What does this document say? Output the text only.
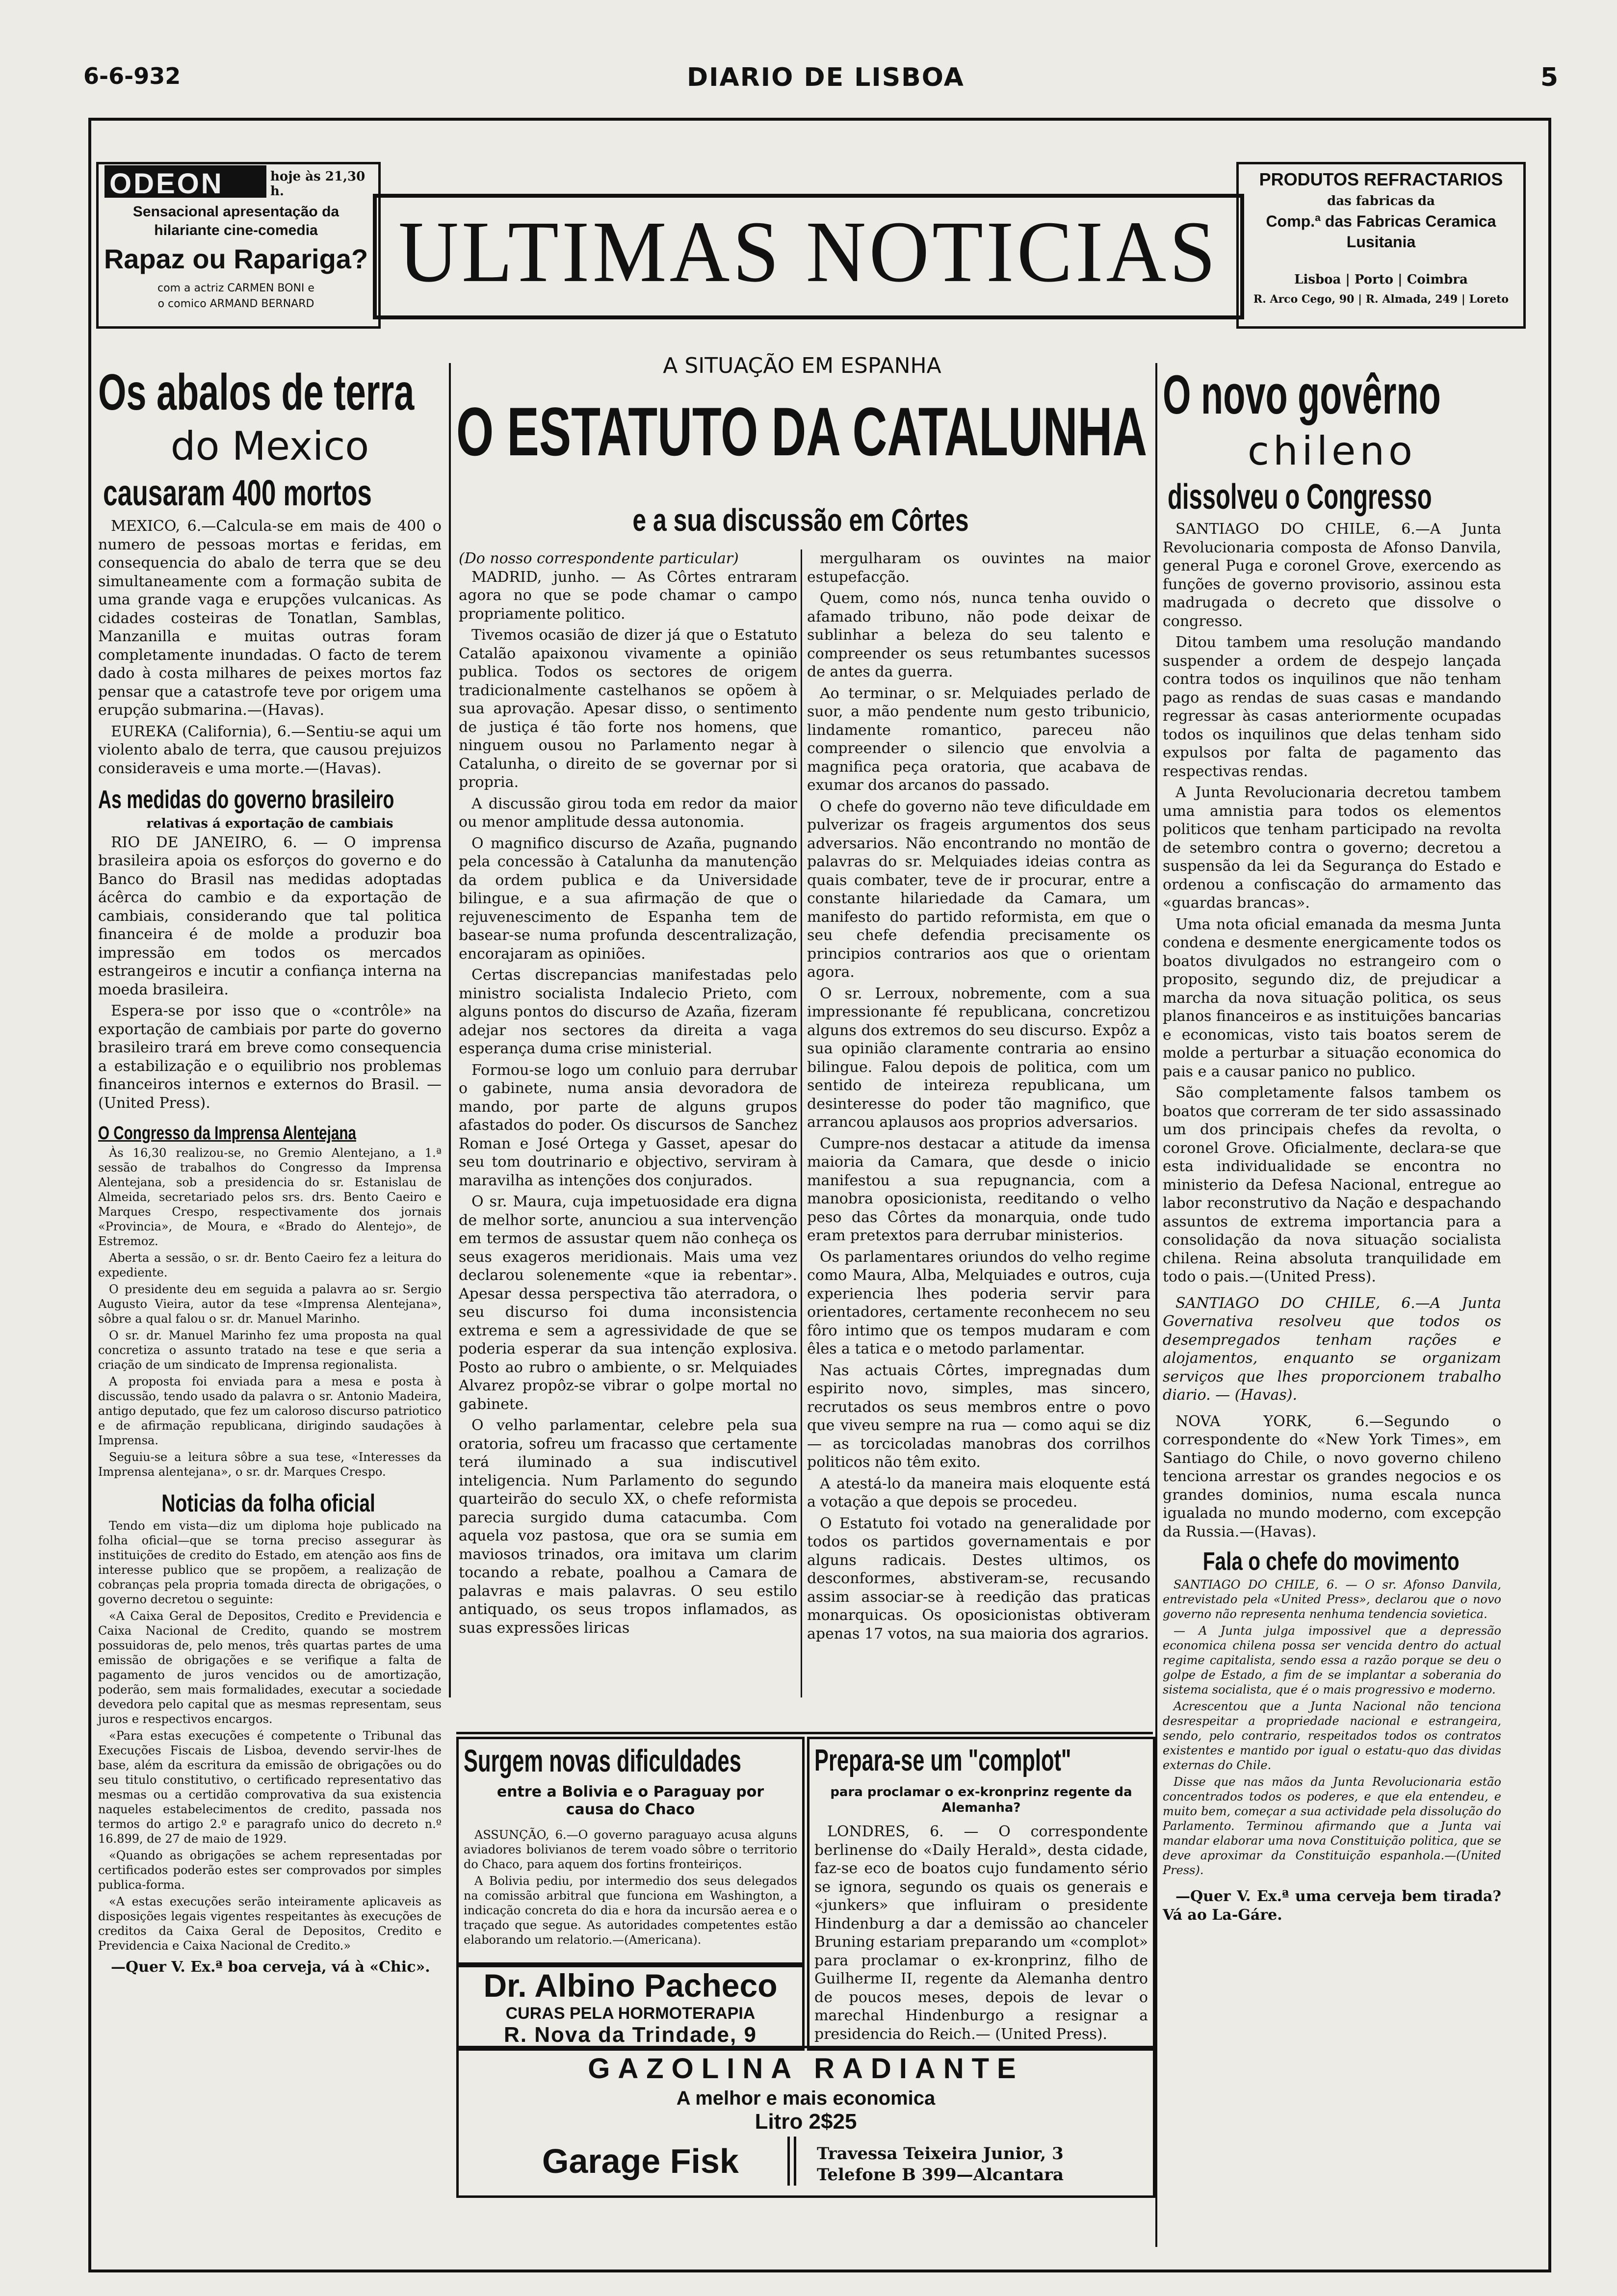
6-6-932	DIARIO DE LISBOA	5
ODEON	hoje às 21,30 h.
Sensacional apresentação da
hilariante cine-comedia
Rapaz ou Rapariga?
com a actriz CARMEN BONI e
o comico ARMAND BERNARD
ULTIMAS NOTICIAS
PRODUTOS REFRACTARIOS
das fabricas da
Comp.ª das Fabricas Ceramica
Lusitania
Lisboa | Porto | Coimbra
R. Arco Cego, 90 | R. Almada, 249 | Loreto
Os abalos de terra
do Mexico
causaram 400 mortos

MEXICO, 6.—Calcula-se em mais de 400 o numero de pessoas mortas e feridas, em consequencia do abalo de terra que se deu simultaneamente com a formação subita de uma grande vaga e erupções vulcanicas. As cidades costeiras de Tonatlan, Samblas, Manzanilla e muitas outras foram completamente inundadas. O facto de terem dado à costa milhares de peixes mortos faz pensar que a catastrofe teve por origem uma erupção submarina.—(Havas).

EUREKA (California), 6.—Sentiu-se aqui um violento abalo de terra, que causou prejuizos consideraveis e uma morte.—(Havas).

As medidas do governo brasileiro
relativas á exportação de cambiais

RIO DE JANEIRO, 6. — O imprensa brasileira apoia os esforços do governo e do Banco do Brasil nas medidas adoptadas ácêrca do cambio e da exportação de cambiais, considerando que tal politica financeira é de molde a produzir boa impressão em todos os mercados estrangeiros e incutir a confiança interna na moeda brasileira.

Espera-se por isso que o «contrôle» na exportação de cambiais por parte do governo brasileiro trará em breve como consequencia a estabilização e o equilibrio nos problemas financeiros internos e externos do Brasil. — (United Press).

O Congresso da Imprensa Alentejana

Às 16,30 realizou-se, no Gremio Alentejano, a 1.ª sessão de trabalhos do Congresso da Imprensa Alentejana, sob a presidencia do sr. Estanislau de Almeida, secretariado pelos srs. drs. Bento Caeiro e Marques Crespo, respectivamente dos jornais «Provincia», de Moura, e «Brado do Alentejo», de Estremoz.

Aberta a sessão, o sr. dr. Bento Caeiro fez a leitura do expediente.

O presidente deu em seguida a palavra ao sr. Sergio Augusto Vieira, autor da tese «Imprensa Alentejana», sôbre a qual falou o sr. dr. Manuel Marinho.

O sr. dr. Manuel Marinho fez uma proposta na qual concretiza o assunto tratado na tese e que seria a criação de um sindicato de Imprensa regionalista.

A proposta foi enviada para a mesa e posta à discussão, tendo usado da palavra o sr. Antonio Madeira, antigo deputado, que fez um caloroso discurso patriotico e de afirmação republicana, dirigindo saudações à Imprensa.

Seguiu-se a leitura sôbre a sua tese, «Interesses da Imprensa alentejana», o sr. dr. Marques Crespo.

Noticias da folha oficial

Tendo em vista—diz um diploma hoje publicado na folha oficial—que se torna preciso assegurar às instituições de credito do Estado, em atenção aos fins de interesse publico que se propõem, a realização de cobranças pela propria tomada directa de obrigações, o governo decretou o seguinte:

«A Caixa Geral de Depositos, Credito e Previdencia e Caixa Nacional de Credito, quando se mostrem possuidoras de, pelo menos, três quartas partes de uma emissão de obrigações e se verifique a falta de pagamento de juros vencidos ou de amortização, poderão, sem mais formalidades, executar a sociedade devedora pelo capital que as mesmas representam, seus juros e respectivos encargos.

«Para estas execuções é competente o Tribunal das Execuções Fiscais de Lisboa, devendo servir-lhes de base, além da escritura da emissão de obrigações ou do seu titulo constitutivo, o certificado representativo das mesmas ou a certidão comprovativa da sua existencia naqueles estabelecimentos de credito, passada nos termos do artigo 2.º e paragrafo unico do decreto n.º 16.899, de 27 de maio de 1929.

«Quando as obrigações se achem representadas por certificados poderão estes ser comprovados por simples publica-forma.

«A estas execuções serão inteiramente aplicaveis as disposições legais vigentes respeitantes às execuções de creditos da Caixa Geral de Depositos, Credito e Previdencia e Caixa Nacional de Credito.»

—Quer V. Ex.ª boa cerveja, vá à «Chic».

A SITUAÇÃO EM ESPANHA
O ESTATUTO DA CATALUNHA
e a sua discussão em Côrtes
(Do nosso correspondente particular)

MADRID, junho. — As Côrtes entraram agora no que se pode chamar o campo propriamente politico.

Tivemos ocasião de dizer já que o Estatuto Catalão apaixonou vivamente a opinião publica. Todos os sectores de origem tradicionalmente castelhanos se opõem à sua aprovação. Apesar disso, o sentimento de justiça é tão forte nos homens, que ninguem ousou no Parlamento negar à Catalunha, o direito de se governar por si propria.

A discussão girou toda em redor da maior ou menor amplitude dessa autonomia.

O magnifico discurso de Azaña, pugnando pela concessão à Catalunha da manutenção da ordem publica e da Universidade bilingue, e a sua afirmação de que o rejuvenescimento de Espanha tem de basear-se numa profunda descentralização, encorajaram as opiniões.

Certas discrepancias manifestadas pelo ministro socialista Indalecio Prieto, com alguns pontos do discurso de Azaña, fizeram adejar nos sectores da direita a vaga esperança duma crise ministerial.

Formou-se logo um conluio para derrubar o gabinete, numa ansia devoradora de mando, por parte de alguns grupos afastados do poder. Os discursos de Sanchez Roman e José Ortega y Gasset, apesar do seu tom doutrinario e objectivo, serviram à maravilha as intenções dos conjurados.

O sr. Maura, cuja impetuosidade era digna de melhor sorte, anunciou a sua intervenção em termos de assustar quem não conheça os seus exageros meridionais. Mais uma vez declarou solenemente «que ia rebentar». Apesar dessa perspectiva tão aterradora, o seu discurso foi duma inconsistencia extrema e sem a agressividade de que se poderia esperar da sua intenção explosiva. Posto ao rubro o ambiente, o sr. Melquiades Alvarez propôz-se vibrar o golpe mortal no gabinete.

O velho parlamentar, celebre pela sua oratoria, sofreu um fracasso que certamente terá iluminado a sua indiscutivel inteligencia. Num Parlamento do segundo quarteirão do seculo XX, o chefe reformista parecia surgido duma catacumba. Com aquela voz pastosa, que ora se sumia em maviosos trinados, ora imitava um clarim tocando a rebate, poalhou a Camara de palavras e mais palavras. O seu estilo antiquado, os seus tropos inflamados, as suas expressões liricas

mergulharam os ouvintes na maior estupefacção.

Quem, como nós, nunca tenha ouvido o afamado tribuno, não pode deixar de sublinhar a beleza do seu talento e compreender os seus retumbantes sucessos de antes da guerra.

Ao terminar, o sr. Melquiades perlado de suor, a mão pendente num gesto tribunicio, lindamente romantico, pareceu não compreender o silencio que envolvia a magnifica peça oratoria, que acabava de exumar dos arcanos do passado.

O chefe do governo não teve dificuldade em pulverizar os frageis argumentos dos seus adversarios. Não encontrando no montão de palavras do sr. Melquiades ideias contra as quais combater, teve de ir procurar, entre a constante hilariedade da Camara, um manifesto do partido reformista, em que o seu chefe defendia precisamente os principios contrarios aos que o orientam agora.

O sr. Lerroux, nobremente, com a sua impressionante fé republicana, concretizou alguns dos extremos do seu discurso. Expôz a sua opinião claramente contraria ao ensino bilingue. Falou depois de politica, com um sentido de inteireza republicana, um desinteresse do poder tão magnifico, que arrancou aplausos aos proprios adversarios.

Cumpre-nos destacar a atitude da imensa maioria da Camara, que desde o inicio manifestou a sua repugnancia, com a manobra oposicionista, reeditando o velho peso das Côrtes da monarquia, onde tudo eram pretextos para derrubar ministerios.

Os parlamentares oriundos do velho regime como Maura, Alba, Melquiades e outros, cuja experiencia lhes poderia servir para orientadores, certamente reconhecem no seu fôro intimo que os tempos mudaram e com êles a tatica e o metodo parlamentar.

Nas actuais Côrtes, impregnadas dum espirito novo, simples, mas sincero, recrutados os seus membros entre o povo que viveu sempre na rua — como aqui se diz — as torcicoladas manobras dos corrilhos politicos não têm exito.

A atestá-lo da maneira mais eloquente está a votação a que depois se procedeu.

O Estatuto foi votado na generalidade por todos os partidos governamentais e por alguns radicais. Destes ultimos, os desconformes, abstiveram-se, recusando assim associar-se à reedição das praticas monarquicas. Os oposicionistas obtiveram apenas 17 votos, na sua maioria dos agrarios.

Surgem novas dificuldades
entre a Bolivia e o Paraguay por causa do Chaco

ASSUNÇÃO, 6.—O governo paraguayo acusa alguns aviadores bolivianos de terem voado sôbre o territorio do Chaco, para aquem dos fortins fronteiriços.

A Bolivia pediu, por intermedio dos seus delegados na comissão arbitral que funciona em Washington, a indicação concreta do dia e hora da incursão aerea e o traçado que segue. As autoridades competentes estão elaborando um relatorio.—(Americana).

Prepara-se um "complot"
para proclamar o ex-kronprinz regente da Alemanha?

LONDRES, 6. — O correspondente berlinense do «Daily Herald», desta cidade, faz-se eco de boatos cujo fundamento sério se ignora, segundo os quais os generais e «junkers» que influiram o presidente Hindenburg a dar a demissão ao chanceler Bruning estariam preparando um «complot» para proclamar o ex-kronprinz, filho de Guilherme II, regente da Alemanha dentro de poucos meses, depois de levar o marechal Hindenburgo a resignar a presidencia do Reich.— (United Press).

Dr. Albino Pacheco
CURAS PELA HORMOTERAPIA
R. Nova da Trindade, 9
GAZOLINA RADIANTE
A melhor e mais economica
Litro 2$25
Garage Fisk	Travessa Teixeira Junior, 3
Telefone B 399—Alcantara
O novo govêrno
chileno
dissolveu o Congresso

SANTIAGO DO CHILE, 6.—A Junta Revolucionaria composta de Afonso Danvila, general Puga e coronel Grove, exercendo as funções de governo provisorio, assinou esta madrugada o decreto que dissolve o congresso.

Ditou tambem uma resolução mandando suspender a ordem de despejo lançada contra todos os inquilinos que não tenham pago as rendas de suas casas e mandando regressar às casas anteriormente ocupadas todos os inquilinos que delas tenham sido expulsos por falta de pagamento das respectivas rendas.

A Junta Revolucionaria decretou tambem uma amnistia para todos os elementos politicos que tenham participado na revolta de setembro contra o governo; decretou a suspensão da lei da Segurança do Estado e ordenou a confiscação do armamento das «guardas brancas».

Uma nota oficial emanada da mesma Junta condena e desmente energicamente todos os boatos divulgados no estrangeiro com o proposito, segundo diz, de prejudicar a marcha da nova situação politica, os seus planos financeiros e as instituições bancarias e economicas, visto tais boatos serem de molde a perturbar a situação economica do pais e a causar panico no publico.

São completamente falsos tambem os boatos que correram de ter sido assassinado um dos principais chefes da revolta, o coronel Grove. Oficialmente, declara-se que esta individualidade se encontra no ministerio da Defesa Nacional, entregue ao labor reconstrutivo da Nação e despachando assuntos de extrema importancia para a consolidação da nova situação socialista chilena. Reina absoluta tranquilidade em todo o pais.—(United Press).

SANTIAGO DO CHILE, 6.—A Junta Governativa resolveu que todos os desempregados tenham rações e alojamentos, enquanto se organizam serviços que lhes proporcionem trabalho diario. — (Havas).

NOVA YORK, 6.—Segundo o correspondente do «New York Times», em Santiago do Chile, o novo governo chileno tenciona arrestar os grandes negocios e os grandes dominios, numa escala nunca igualada no mundo moderno, com excepção da Russia.—(Havas).

Fala o chefe do movimento

SANTIAGO DO CHILE, 6. — O sr. Afonso Danvila, entrevistado pela «United Press», declarou que o novo governo não representa nenhuma tendencia sovietica.

— A Junta julga impossivel que a depressão economica chilena possa ser vencida dentro do actual regime capitalista, sendo essa a razão porque se deu o golpe de Estado, a fim de se implantar a soberania do sistema socialista, que é o mais progressivo e moderno.

Acrescentou que a Junta Nacional não tenciona desrespeitar a propriedade nacional e estrangeira, sendo, pelo contrario, respeitados todos os contratos existentes e mantido por igual o estatu-quo das dividas externas do Chile.

Disse que nas mãos da Junta Revolucionaria estão concentrados todos os poderes, e que ela entendeu, e muito bem, começar a sua actividade pela dissolução do Parlamento. Terminou afirmando que a Junta vai mandar elaborar uma nova Constituição politica, que se deve aproximar da Constituição espanhola.—(United Press).

—Quer V. Ex.ª uma cerveja bem tirada? Vá ao La-Gáre.
